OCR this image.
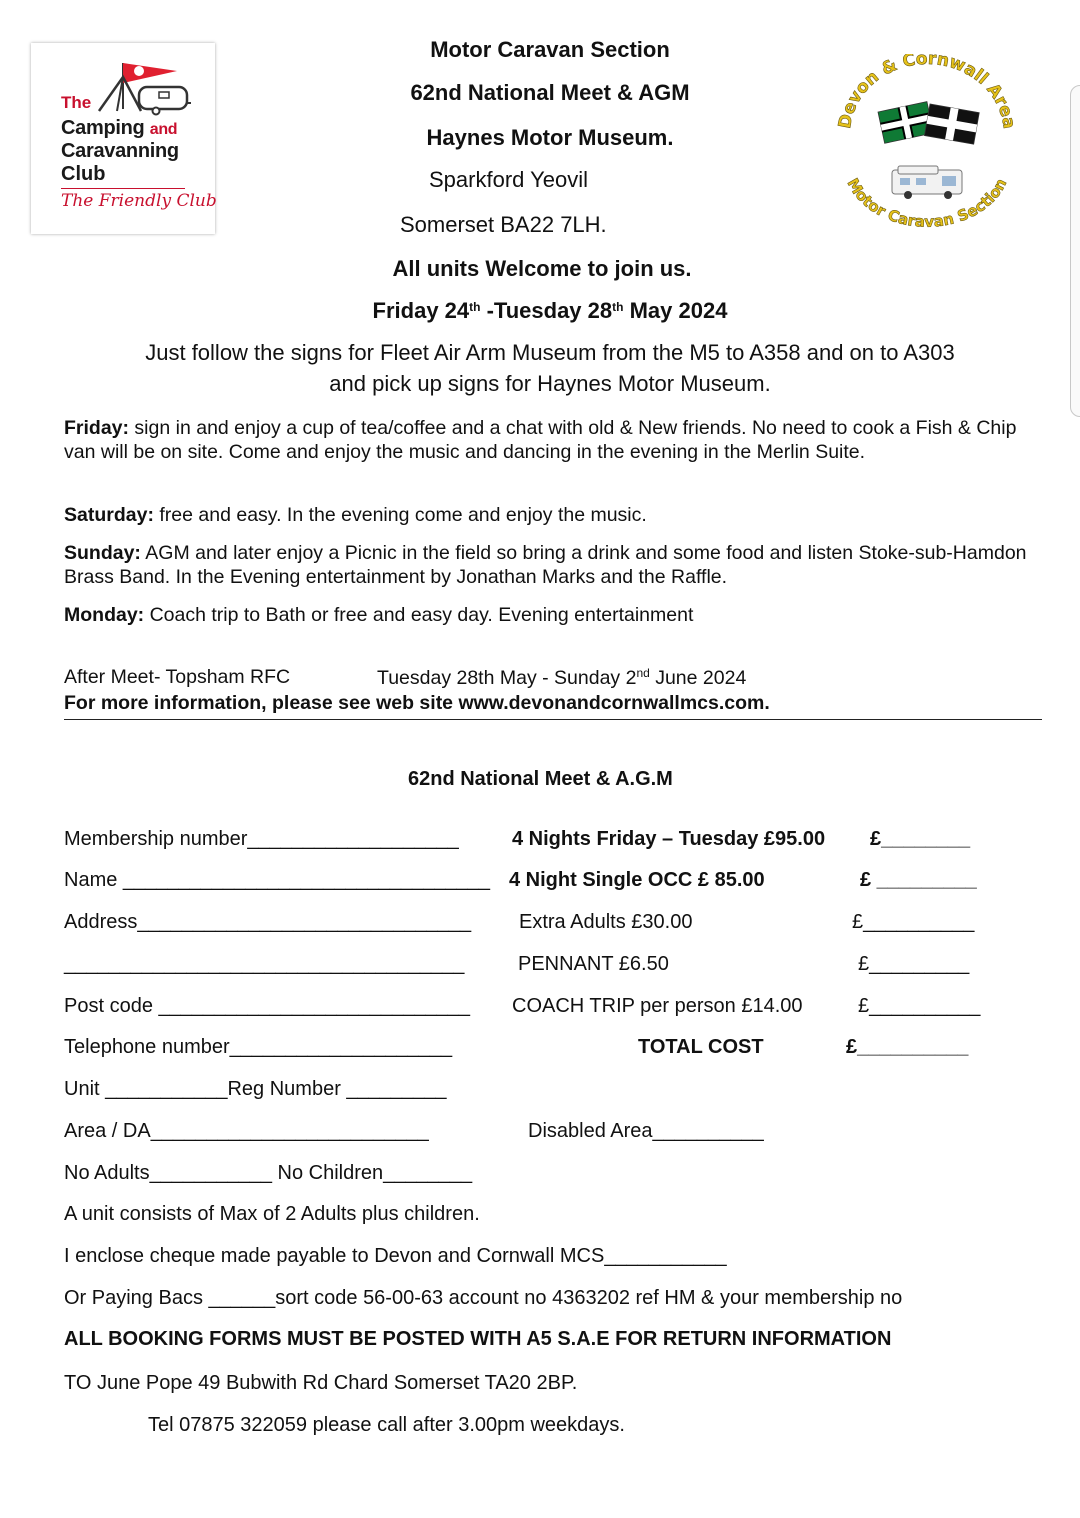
The
Camping and
Caravanning
Club
The Friendly Club
Devon & Cornwall Area
Motor Caravan Section
Motor Caravan Section
62nd National Meet & AGM
Haynes Motor Museum.
Sparkford Yeovil
Somerset BA22 7LH.
All units Welcome to join us.
Friday 24th -Tuesday 28th May 2024
Just follow the signs for Fleet Air Arm Museum from the M5 to A358 and on to A303
and pick up signs for Haynes Motor Museum.
Friday: sign in and enjoy a cup of tea/coffee and a chat with old & New friends. No need to cook a Fish & Chip van will be on site. Come and enjoy the music and dancing in the evening in the Merlin Suite.
Saturday: free and easy. In the evening come and enjoy the music.
Sunday: AGM and later enjoy a Picnic in the field so bring a drink and some food and listen Stoke-sub-Hamdon Brass Band. In the Evening entertainment by Jonathan Marks and the Raffle.
Monday: Coach trip to Bath or free and easy day. Evening entertainment
After Meet- Topsham RFC	Tuesday 28th May - Sunday 2nd June 2024
For more information, please see web site www.devonandcornwallmcs.com.
62nd National Meet & A.G.M
Membership number___________________
Name _________________________________
Address______________________________
____________________________________
Post code ____________________________
Telephone number____________________
Unit ___________Reg Number _________
Area / DA_________________________
4 Nights Friday – Tuesday £95.00 £________
4 Night Single OCC £ 85.00	£ _________
Extra Adults £30.00	£__________
PENNANT £6.50	£_________
COACH TRIP per person £14.00	£__________
TOTAL COST	£__________
Disabled Area__________
No Adults___________ No Children________
A unit consists of Max of 2 Adults plus children.
I enclose cheque made payable to Devon and Cornwall MCS___________
Or Paying Bacs ______sort code 56-00-63 account no 4363202 ref HM & your membership no
ALL BOOKING FORMS MUST BE POSTED WITH A5 S.A.E FOR RETURN INFORMATION
TO June Pope 49 Bubwith Rd Chard Somerset TA20 2BP.
Tel 07875 322059 please call after 3.00pm weekdays.
